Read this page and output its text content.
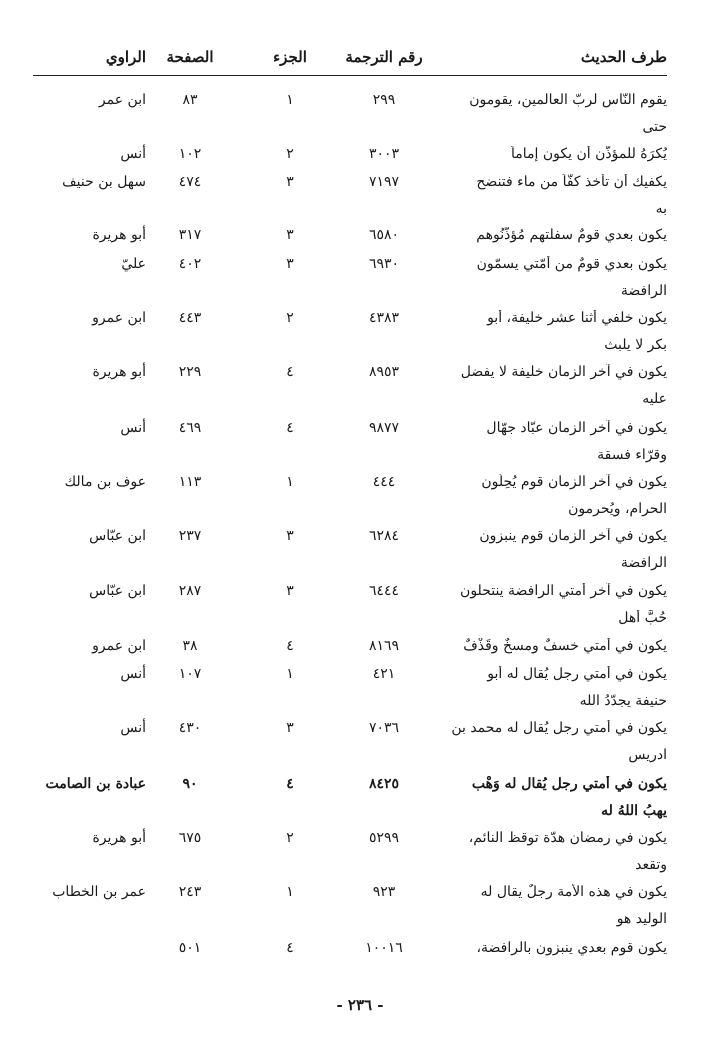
طرف الحديث
رقم الترجمة
الجزء
الصفحة
الراوي
يقوم النّاس لربّ العالمين، يقومون
حتى
٢٩٩
١
٨٣
ابن عمر
يُكرَهُ للمؤذّن أن يكون إماماً
٣٠٠٣
٢
١٠٢
أنس
يكفيك أن تأخذ كفّاً من ماء فتنضح
به
٧١٩٧
٣
٤٧٤
سهل بن حنيف
يكون بعدي قومٌ سفلتهم مُؤذّنُوهم
٦٥٨٠
٣
٣١٧
أبو هريرة
يكون بعدي قومٌ من أمّتي يسمّون
الرافضة
٦٩٣٠
٣
٤٠٢
عليّ
يكون خلفي أثنا عشر خليفة، أبو
بكر لا يلبث
٤٣٨٣
٢
٤٤٣
ابن عمرو
يكون في آخر الزمان خليفة لا يفضل
عليه
٨٩٥٣
٤
٢٢٩
أبو هريرة
يكون في آخر الزمان عبّاد جهّال
وقرّاء فسقة
٩٨٧٧
٤
٤٦٩
أنس
يكون في آخر الزمان قوم يُحِلّون
الحرام، ويُحرمون
٤٤٤
١
١١٣
عوف بن مالك
يكون في آخر الزمان قوم ينبزون
الرافضة
٦٢٨٤
٣
٢٣٧
ابن عبّاس
يكون في آخر أمتي الرافضة ينتحلون
حُبَّ أهل
٦٤٤٤
٣
٢٨٧
ابن عبّاس
يكون في أمتي خسفٌ ومسخٌ وقَذْفٌ
٨١٦٩
٤
٣٨
ابن عمرو
يكون في أمتي رجل يُقال له أبو
حنيفة يجدّدُ الله
٤٢١
١
١٠٧
أنس
يكون في أمتي رجل يُقال له محمد بن
ادريس
٧٠٣٦
٣
٤٣٠
أنس
يكون في أمتي رجل يُقال له وَهْب
يهبُ اللهُ له
٨٤٢٥
٤
٩٠
عبادة بن الصامت
يكون في رمضان هدّة توقظ النائم،
وتقعد
٥٢٩٩
٢
٦٧٥
أبو هريرة
يكون في هذه الأمة رجلٌ يقال له
الوليد هو
٩٢٣
١
٢٤٣
عمر بن الخطاب
يكون قوم بعدي ينبزون بالرافضة،
١٠٠١٦
٤
٥٠١
- ٢٣٦ -
